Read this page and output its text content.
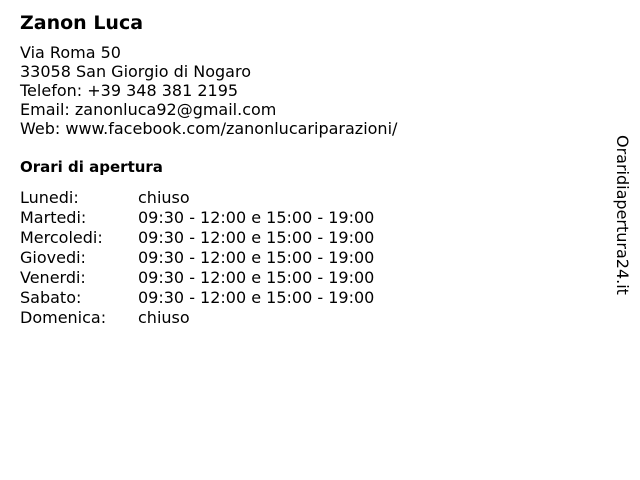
Zanon Luca
Via Roma 50
33058 San Giorgio di Nogaro
Telefon: +39 348 381 2195
Email: zanonluca92@gmail.com
Web: www.facebook.com/zanonlucariparazioni/
Orari di apertura
Lunedi:	chiuso
Martedi:	09:30 - 12:00 e 15:00 - 19:00
Mercoledi:	09:30 - 12:00 e 15:00 - 19:00
Giovedi:	09:30 - 12:00 e 15:00 - 19:00
Venerdi:	09:30 - 12:00 e 15:00 - 19:00
Sabato:	09:30 - 12:00 e 15:00 - 19:00
Domenica:	chiuso
Oraridiapertura24.it
